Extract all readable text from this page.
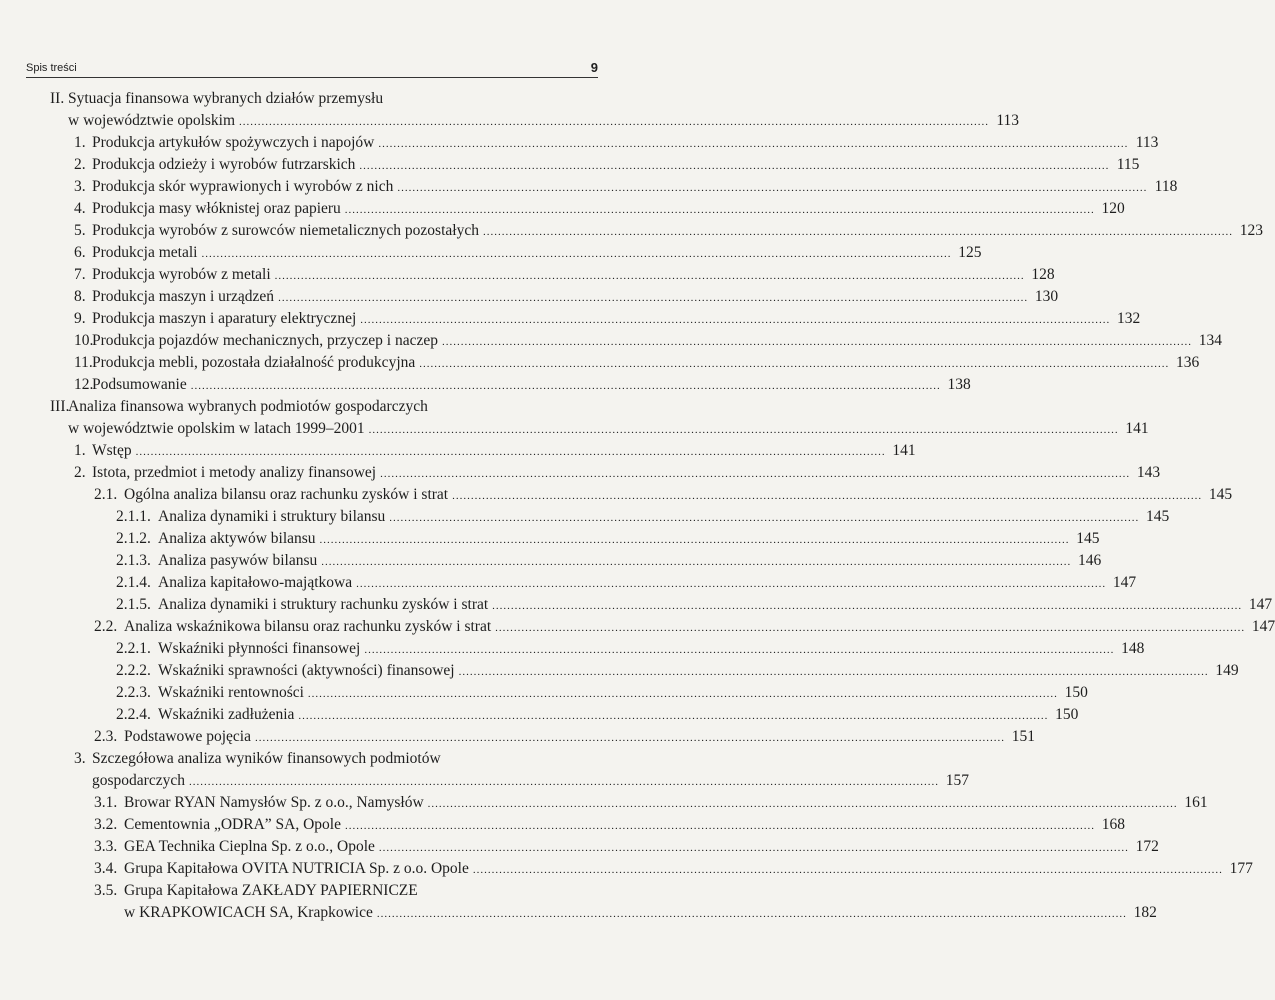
Spis treści	9
II. Sytuacja finansowa wybranych działów przemysłu
w województwie opolskim ........................................................................................................................................................................................................ 113
1. Produkcja artykułów spożywczych i napojów ........................................................................................................................................................................................................ 113
2. Produkcja odzieży i wyrobów futrzarskich ........................................................................................................................................................................................................ 115
3. Produkcja skór wyprawionych i wyrobów z nich ........................................................................................................................................................................................................ 118
4. Produkcja masy włóknistej oraz papieru ........................................................................................................................................................................................................ 120
5. Produkcja wyrobów z surowców niemetalicznych pozostałych ........................................................................................................................................................................................................ 123
6. Produkcja metali ........................................................................................................................................................................................................ 125
7. Produkcja wyrobów z metali ........................................................................................................................................................................................................ 128
8. Produkcja maszyn i urządzeń ........................................................................................................................................................................................................ 130
9. Produkcja maszyn i aparatury elektrycznej ........................................................................................................................................................................................................ 132
10.
Produkcja pojazdów mechanicznych, przyczep i naczep ........................................................................................................................................................................................................ 134
11. Produkcja mebli, pozostała działalność produkcyjna ........................................................................................................................................................................................................ 136
12.
Podsumowanie ........................................................................................................................................................................................................ 138
III.
Analiza finansowa wybranych podmiotów gospodarczych
w województwie opolskim w latach 1999–2001 ........................................................................................................................................................................................................ 141
1. Wstęp ........................................................................................................................................................................................................ 141
2. Istota, przedmiot i metody analizy finansowej ........................................................................................................................................................................................................ 143
2.1. Ogólna analiza bilansu oraz rachunku zysków i strat ........................................................................................................................................................................................................ 145
2.1.1. Analiza dynamiki i struktury bilansu ........................................................................................................................................................................................................ 145
2.1.2. Analiza aktywów bilansu ........................................................................................................................................................................................................ 145
2.1.3. Analiza pasywów bilansu ........................................................................................................................................................................................................ 146
2.1.4. Analiza kapitałowo-majątkowa ........................................................................................................................................................................................................ 147
2.1.5. Analiza dynamiki i struktury rachunku zysków i strat ........................................................................................................................................................................................................ 147
2.2. Analiza wskaźnikowa bilansu oraz rachunku zysków i strat ........................................................................................................................................................................................................ 147
2.2.1. Wskaźniki płynności finansowej ........................................................................................................................................................................................................ 148
2.2.2. Wskaźniki sprawności (aktywności) finansowej ........................................................................................................................................................................................................ 149
2.2.3. Wskaźniki rentowności ........................................................................................................................................................................................................ 150
2.2.4. Wskaźniki zadłużenia ........................................................................................................................................................................................................ 150
2.3. Podstawowe pojęcia ........................................................................................................................................................................................................ 151
3. Szczegółowa analiza wyników finansowych podmiotów
gospodarczych ........................................................................................................................................................................................................ 157
3.1. Browar RYAN Namysłów Sp. z o.o., Namysłów ........................................................................................................................................................................................................ 161
3.2. Cementownia „ODRA” SA, Opole ........................................................................................................................................................................................................ 168
3.3. GEA Technika Cieplna Sp. z o.o., Opole ........................................................................................................................................................................................................ 172
3.4. Grupa Kapitałowa OVITA NUTRICIA Sp. z o.o. Opole ........................................................................................................................................................................................................ 177
3.5. Grupa Kapitałowa ZAKŁADY PAPIERNICZE
w KRAPKOWICACH SA, Krapkowice ........................................................................................................................................................................................................ 182
